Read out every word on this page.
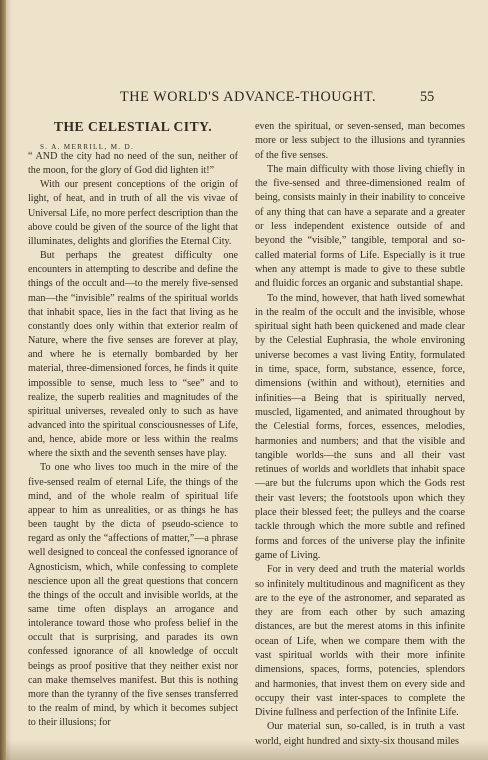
THE WORLD'S ADVANCE-THOUGHT.	55
THE CELESTIAL CITY.

S. A. MERRILL, M. D.

“ AND the city had no need of the sun, neither of the moon, for the glory of God did lighten it!”

With our present conceptions of the origin of light, of heat, and in truth of all the vis vivae of Universal Life, no more perfect description than the above could be given of the source of the light that illuminates, delights and glorifies the Eternal City.

But perhaps the greatest difficulty one encounters in attempting to describe and define the things of the occult and—to the merely five-sensed man—the “invisible” realms of the spiritual worlds that inhabit space, lies in the fact that living as he constantly does only within that exterior realm of Nature, where the five senses are forever at play, and where he is eternally bombarded by her material, three-dimensioned forces, he finds it quite impossible to sense, much less to “see” and to realize, the superb realities and magnitudes of the spiritual universes, revealed only to such as have advanced into the spiritual consciousnesses of Life, and, hence, abide more or less within the realms where the sixth and the seventh senses have play.

To one who lives too much in the mire of the five-sensed realm of eternal Life, the things of the mind, and of the whole realm of spiritual life appear to him as unrealities, or as things he has been taught by the dicta of pseudo-science to regard as only the “affections of matter,”—a phrase well designed to conceal the confessed ignorance of Agnosticism, which, while confessing to complete nescience upon all the great questions that concern the things of the occult and invisible worlds, at the same time often displays an arrogance and intolerance toward those who profess belief in the occult that is surprising, and parades its own confessed ignorance of all knowledge of occult beings as proof positive that they neither exist nor can make themselves manifest. But this is nothing more than the tyranny of the five senses transferred to the realm of mind, by which it becomes subject to their illusions; for

even the spiritual, or seven-sensed, man becomes more or less subject to the illusions and tyrannies of the five senses.

The main difficulty with those living chiefly in the five-sensed and three-dimensioned realm of being, consists mainly in their inability to conceive of any thing that can have a separate and a greater or less independent existence outside of and beyond the “visible,” tangible, temporal and so-called material forms of Life. Especially is it true when any attempt is made to give to these subtle and fluidic forces an organic and substantial shape.

To the mind, however, that hath lived somewhat in the realm of the occult and the invisible, whose spiritual sight hath been quickened and made clear by the Celestial Euphrasia, the whole environing universe becomes a vast living Entity, formulated in time, space, form, substance, essence, force, dimensions (within and without), eternities and infinities—a Being that is spiritually nerved, muscled, ligamented, and animated throughout by the Celestial forms, forces, essences, melodies, harmonies and numbers; and that the visible and tangible worlds—the suns and all their vast retinues of worlds and worldlets that inhabit space—are but the fulcrums upon which the Gods rest their vast levers; the footstools upon which they place their blessed feet; the pulleys and the coarse tackle through which the more subtle and refined forms and forces of the universe play the infinite game of Living.

For in very deed and truth the material worlds so infinitely multitudinous and magnificent as they are to the eye of the astronomer, and separated as they are from each other by such amazing distances, are but the merest atoms in this infinite ocean of Life, when we compare them with the vast spiritual worlds with their more infinite dimensions, spaces, forms, potencies, splendors and harmonies, that invest them on every side and occupy their vast inter-spaces to complete the Divine fullness and perfection of the Infinite Life.

Our material sun, so-called, is in truth a vast world, eight hundred and sixty-six thousand miles
